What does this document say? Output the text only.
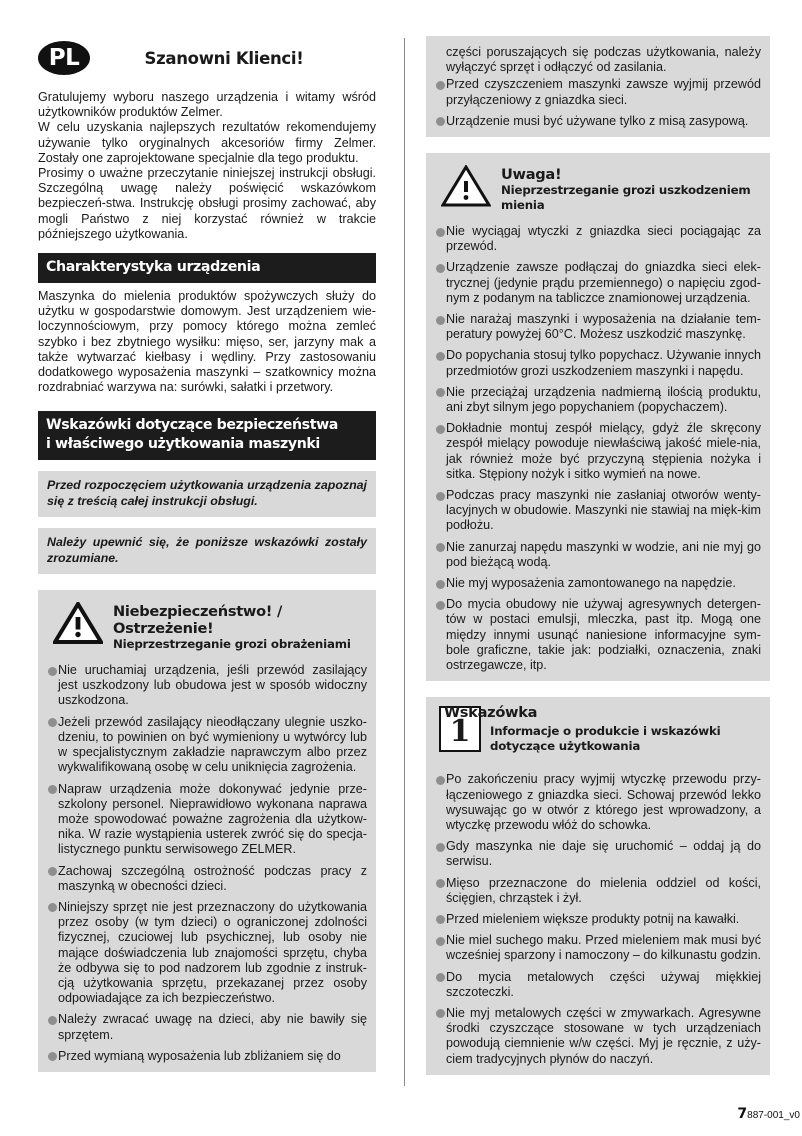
PL	Szanowni Klienci!

Gratulujemy wyboru naszego urządzenia i witamy wśród użytkowników produktów Zelmer.

W celu uzyskania najlepszych rezultatów rekomendujemy używanie tylko oryginalnych akcesoriów firmy Zelmer. Zostały one zaprojektowane specjalnie dla tego produktu.

Prosimy o uważne przeczytanie niniejszej instrukcji obsługi. Szczególną uwagę należy poświęcić wskazówkom bezpieczeń-stwa. Instrukcję obsługi prosimy zachować, aby mogli Państwo z niej korzystać również w trakcie późniejszego użytkowania.

Charakterystyka urządzenia

Maszynka do mielenia produktów spożywczych służy do użytku w gospodarstwie domowym. Jest urządzeniem wie-loczynnościowym, przy pomocy którego można zemleć szybko i bez zbytniego wysiłku: mięso, ser, jarzyny mak a także wytwarzać kiełbasy i wędliny. Przy zastosowaniu dodatkowego wyposażenia maszynki – szatkownicy można rozdrabniać warzywa na: surówki, sałatki i przetwory.

Wskazówki dotyczące bezpieczeństwa
i właściwego użytkowania maszynki

Przed rozpoczęciem użytkowania urządzenia zapoznaj się z treścią całej instrukcji obsługi.

Należy upewnić się, że poniższe wskazówki zostały zrozumiane.

Niebezpieczeństwo! / Ostrzeżenie!
Nieprzestrzeganie grozi obrażeniami
Nie uruchamiaj urządzenia, jeśli przewód zasilający jest uszkodzony lub obudowa jest w sposób widoczny uszkodzona.
Jeżeli przewód zasilający nieodłączany ulegnie uszko-dzeniu, to powinien on być wymieniony u wytwórcy lub w specjalistycznym zakładzie naprawczym albo przez wykwalifikowaną osobę w celu uniknięcia zagrożenia.
Napraw urządzenia może dokonywać jedynie prze-szkolony personel. Nieprawidłowo wykonana naprawa może spowodować poważne zagrożenia dla użytkow-nika. W razie wystąpienia usterek zwróć się do specja-listycznego punktu serwisowego ZELMER.
Zachowaj szczególną ostrożność podczas pracy z maszynką w obecności dzieci.
Niniejszy sprzęt nie jest przeznaczony do użytkowania przez osoby (w tym dzieci) o ograniczonej zdolności fizycznej, czuciowej lub psychicznej, lub osoby nie mające doświadczenia lub znajomości sprzętu, chyba że odbywa się to pod nadzorem lub zgodnie z instruk-cją użytkowania sprzętu, przekazanej przez osoby odpowiadające za ich bezpieczeństwo.
Należy zwracać uwagę na dzieci, aby nie bawiły się sprzętem.
Przed wymianą wyposażenia lub zbliżaniem się do

części poruszających się podczas użytkowania, należy wyłączyć sprzęt i odłączyć od zasilania.

Przed czyszczeniem maszynki zawsze wyjmij przewód przyłączeniowy z gniazdka sieci.
Urządzenie musi być używane tylko z misą zasypową.
Uwaga!
Nieprzestrzeganie grozi uszkodzeniem mienia
Nie wyciągaj wtyczki z gniazdka sieci pociągając za przewód.
Urządzenie zawsze podłączaj do gniazdka sieci elek-trycznej (jedynie prądu przemiennego) o napięciu zgod-nym z podanym na tabliczce znamionowej urządzenia.
Nie narażaj maszynki i wyposażenia na działanie tem-peratury powyżej 60°C. Możesz uszkodzić maszynkę.
Do popychania stosuj tylko popychacz. Używanie innych przedmiotów grozi uszkodzeniem maszynki i napędu.
Nie przeciążaj urządzenia nadmierną ilością produktu, ani zbyt silnym jego popychaniem (popychaczem).
Dokładnie montuj zespół mielący, gdyż źle skręcony zespół mielący powoduje niewłaściwą jakość miele-nia, jak również może być przyczyną stępienia nożyka i sitka. Stępiony nożyk i sitko wymień na nowe.
Podczas pracy maszynki nie zasłaniaj otworów wenty-lacyjnych w obudowie. Maszynki nie stawiaj na mięk-kim podłożu.
Nie zanurzaj napędu maszynki w wodzie, ani nie myj go pod bieżącą wodą.
Nie myj wyposażenia zamontowanego na napędzie.
Do mycia obudowy nie używaj agresywnych detergen-tów w postaci emulsji, mleczka, past itp. Mogą one między innymi usunąć naniesione informacyjne sym-bole graficzne, takie jak: podziałki, oznaczenia, znaki ostrzegawcze, itp.
1
Wskazówka
Informacje o produkcie i wskazówki dotyczące użytkowania
Po zakończeniu pracy wyjmij wtyczkę przewodu przy-łączeniowego z gniazdka sieci. Schowaj przewód lekko wysuwając go w otwór z którego jest wprowadzony, a wtyczkę przewodu włóż do schowka.
Gdy maszynka nie daje się uruchomić – oddaj ją do serwisu.
Mięso przeznaczone do mielenia oddziel od kości, ścięgien, chrząstek i żył.
Przed mieleniem większe produkty potnij na kawałki.
Nie miel suchego maku. Przed mieleniem mak musi być wcześniej sparzony i namoczony – do kilkunastu godzin.
Do mycia metalowych części używaj miękkiej szczoteczki.
Nie myj metalowych części w zmywarkach. Agresywne środki czyszczące stosowane w tych urządzeniach powodują ciemnienie w/w części. Myj je ręcznie, z uży-ciem tradycyjnych płynów do naczyń.
7887-001_v0
